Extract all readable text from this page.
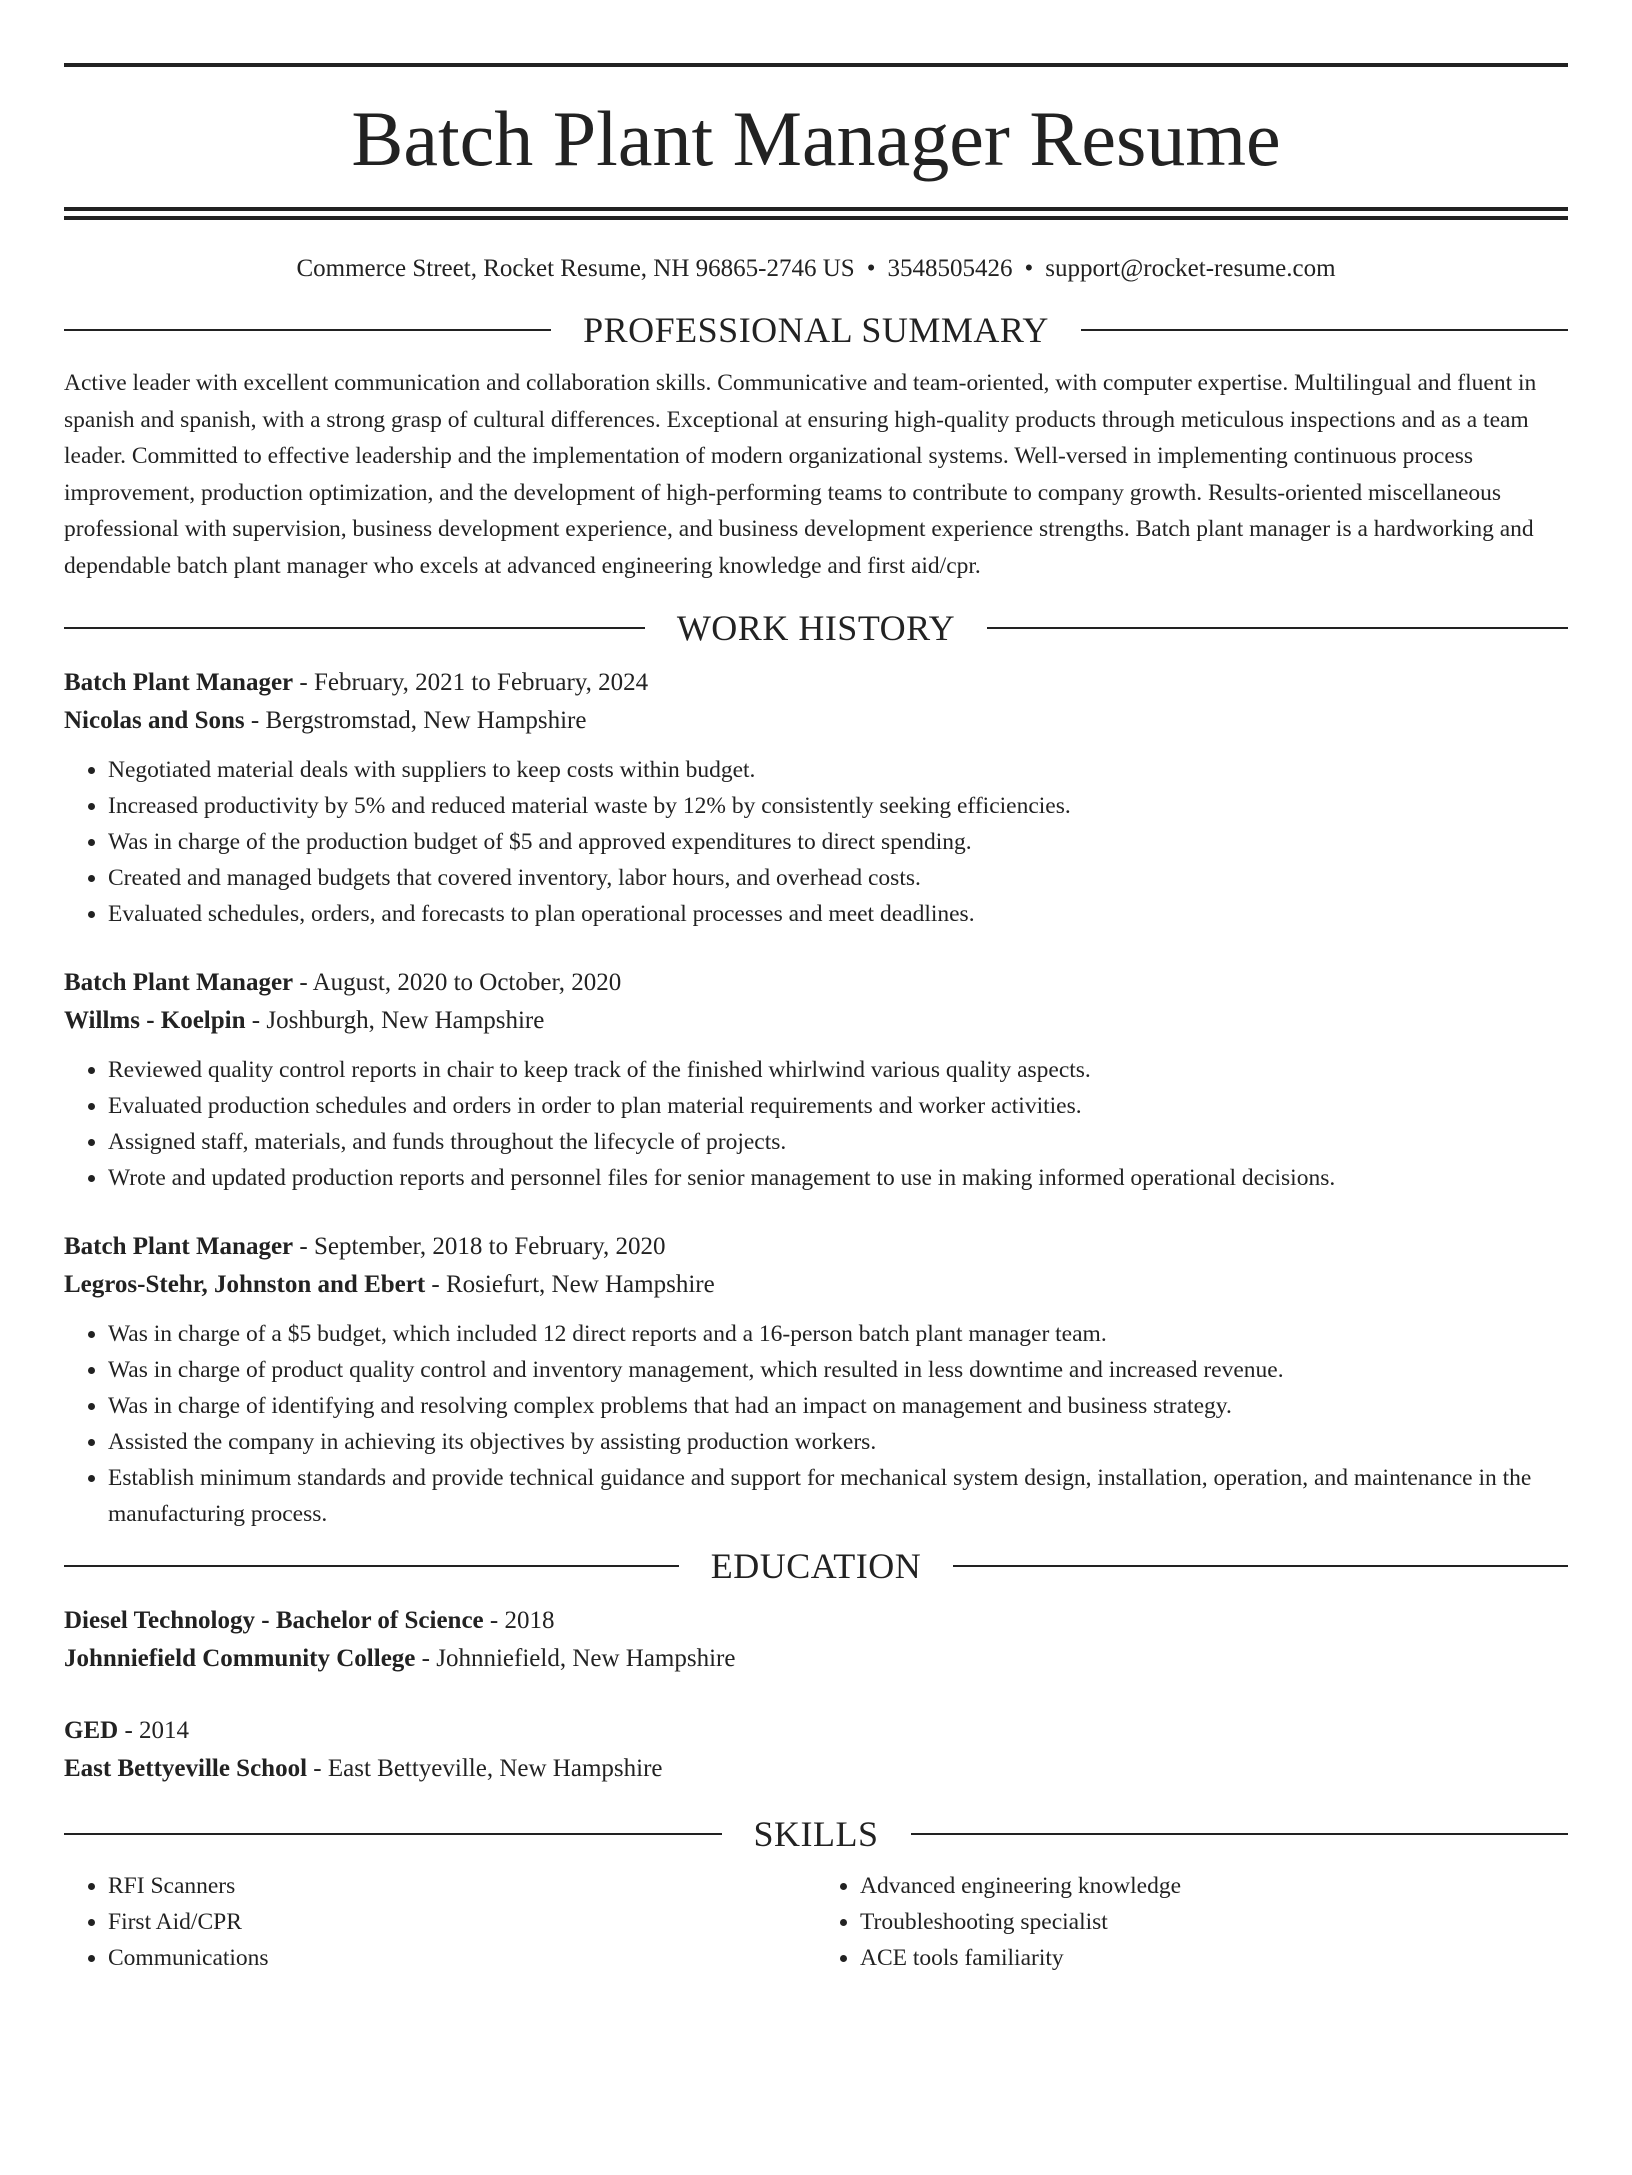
Batch Plant Manager Resume
Commerce Street, Rocket Resume, NH 96865-2746 US • 3548505426 • support@rocket-resume.com
PROFESSIONAL SUMMARY
Active leader with excellent communication and collaboration skills. Communicative and team-oriented, with computer expertise. Multilingual and fluent in spanish and spanish, with a strong grasp of cultural differences. Exceptional at ensuring high-quality products through meticulous inspections and as a team leader. Committed to effective leadership and the implementation of modern organizational systems. Well-versed in implementing continuous process improvement, production optimization, and the development of high-performing teams to contribute to company growth. Results-oriented miscellaneous professional with supervision, business development experience, and business development experience strengths. Batch plant manager is a hardworking and dependable batch plant manager who excels at advanced engineering knowledge and first aid/cpr.
WORK HISTORY
Batch Plant Manager - February, 2021 to February, 2024
Nicolas and Sons - Bergstromstad, New Hampshire
• Negotiated material deals with suppliers to keep costs within budget.
• Increased productivity by 5% and reduced material waste by 12% by consistently seeking efficiencies.
• Was in charge of the production budget of $5 and approved expenditures to direct spending.
• Created and managed budgets that covered inventory, labor hours, and overhead costs.
• Evaluated schedules, orders, and forecasts to plan operational processes and meet deadlines.
Batch Plant Manager - August, 2020 to October, 2020
Willms - Koelpin - Joshburgh, New Hampshire
• Reviewed quality control reports in chair to keep track of the finished whirlwind various quality aspects.
• Evaluated production schedules and orders in order to plan material requirements and worker activities.
• Assigned staff, materials, and funds throughout the lifecycle of projects.
• Wrote and updated production reports and personnel files for senior management to use in making informed operational decisions.
Batch Plant Manager - September, 2018 to February, 2020
Legros-Stehr, Johnston and Ebert - Rosiefurt, New Hampshire
• Was in charge of a $5 budget, which included 12 direct reports and a 16-person batch plant manager team.
• Was in charge of product quality control and inventory management, which resulted in less downtime and increased revenue.
• Was in charge of identifying and resolving complex problems that had an impact on management and business strategy.
• Assisted the company in achieving its objectives by assisting production workers.
• Establish minimum standards and provide technical guidance and support for mechanical system design, installation, operation, and maintenance in the manufacturing process.
EDUCATION
Diesel Technology - Bachelor of Science - 2018
Johnniefield Community College - Johnniefield, New Hampshire
GED - 2014
East Bettyeville School - East Bettyeville, New Hampshire
SKILLS
• RFI Scanners
• First Aid/CPR
• Communications
• Advanced engineering knowledge
• Troubleshooting specialist
• ACE tools familiarity
